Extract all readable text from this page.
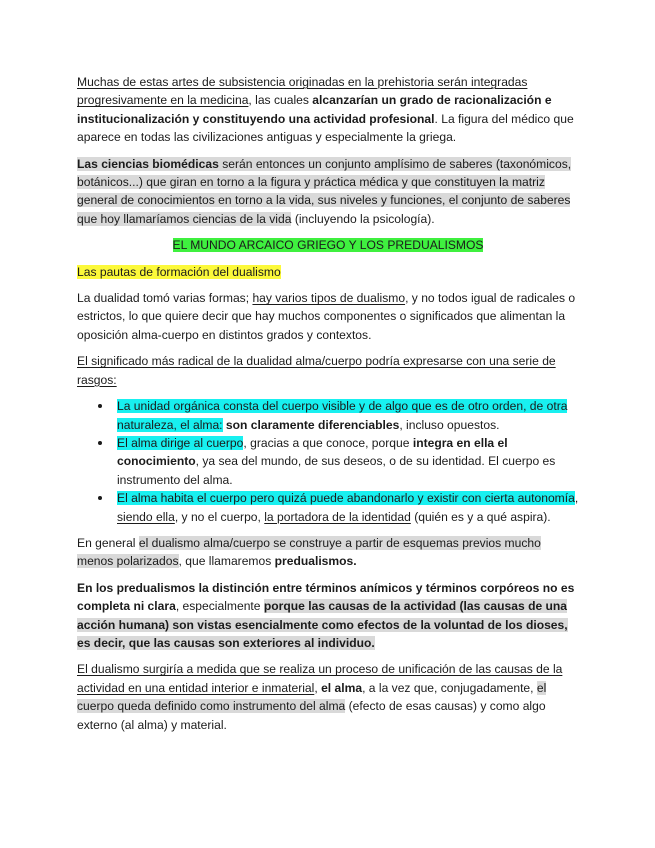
Muchas de estas artes de subsistencia originadas en la prehistoria serán integradas progresivamente en la medicina, las cuales alcanzarían un grado de racionalización e institucionalización y constituyendo una actividad profesional. La figura del médico que aparece en todas las civilizaciones antiguas y especialmente la griega.

Las ciencias biomédicas serán entonces un conjunto amplísimo de saberes (taxonómicos, botánicos...) que giran en torno a la figura y práctica médica y que constituyen la matriz general de conocimientos en torno a la vida, sus niveles y funciones, el conjunto de saberes que hoy llamaríamos ciencias de la vida (incluyendo la psicología).

EL MUNDO ARCAICO GRIEGO Y LOS PREDUALISMOS

Las pautas de formación del dualismo

La dualidad tomó varias formas; hay varios tipos de dualismo, y no todos igual de radicales o estrictos, lo que quiere decir que hay muchos componentes o significados que alimentan la oposición alma-cuerpo en distintos grados y contextos.

El significado más radical de la dualidad alma/cuerpo podría expresarse con una serie de rasgos:

La unidad orgánica consta del cuerpo visible y de algo que es de otro orden, de otra naturaleza, el alma: son claramente diferenciables, incluso opuestos.
El alma dirige al cuerpo, gracias a que conoce, porque integra en ella el conocimiento, ya sea del mundo, de sus deseos, o de su identidad. El cuerpo es instrumento del alma.
El alma habita el cuerpo pero quizá puede abandonarlo y existir con cierta autonomía, siendo ella, y no el cuerpo, la portadora de la identidad (quién es y a qué aspira).

En general el dualismo alma/cuerpo se construye a partir de esquemas previos mucho menos polarizados, que llamaremos predualismos.

En los predualismos la distinción entre términos anímicos y términos corpóreos no es completa ni clara, especialmente porque las causas de la actividad (las causas de una acción humana) son vistas esencialmente como efectos de la voluntad de los dioses, es decir, que las causas son exteriores al individuo.

El dualismo surgiría a medida que se realiza un proceso de unificación de las causas de la actividad en una entidad interior e inmaterial, el alma, a la vez que, conjugadamente, el cuerpo queda definido como instrumento del alma (efecto de esas causas) y como algo externo (al alma) y material.
